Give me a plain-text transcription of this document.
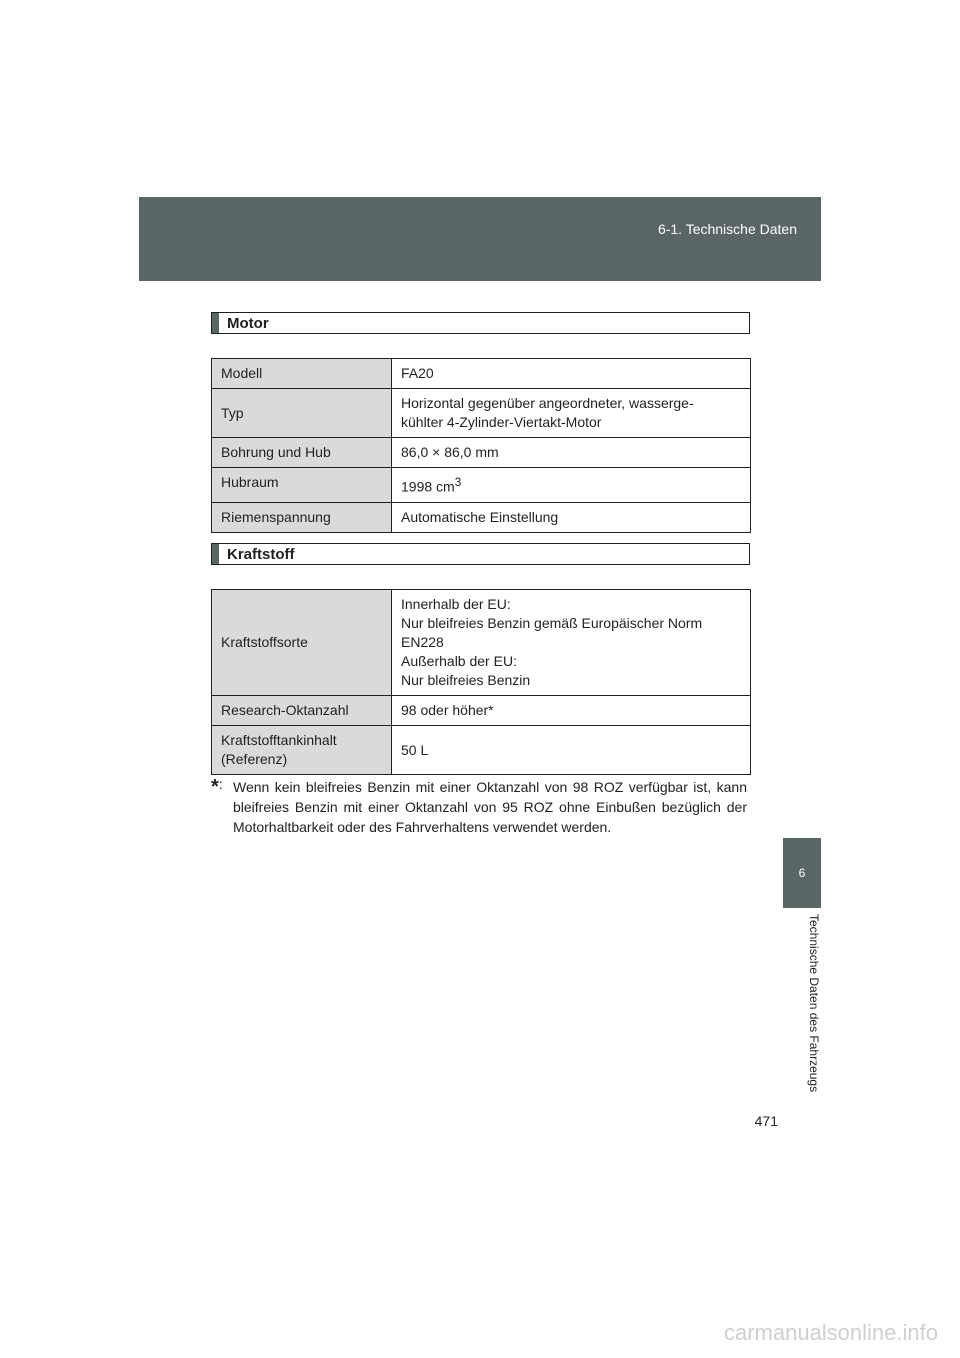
6-1. Technische Daten
6
Technische Daten des Fahrzeugs
471
Motor
Modell	FA20
Typ	Horizontal gegenüber angeordneter, wasserge-
kühlter 4-Zylinder-Viertakt-Motor

Bohrung und Hub	86,0 × 86,0 mm
Hubraum	1998 $cm^3$
Riemenspannung	Automatische Einstellung
Kraftstoff
Kraftstoffsorte	Innerhalb der EU:
Nur bleifreies Benzin gemäß Europäischer Norm
EN228
Außerhalb der EU:
Nur bleifreies Benzin

Research-Oktanzahl	98 oder höher*

Kraftstofftankinhalt
(Referenz)	50 L
*: Wenn kein bleifreies Benzin mit einer Oktanzahl von 98 ROZ verfügbar ist, kann bleifreies Benzin mit einer Oktanzahl von 95 ROZ ohne Einbußen bezüglich der Motorhaltbarkeit oder des Fahrverhaltens verwendet werden.
carmanualsonline.info
